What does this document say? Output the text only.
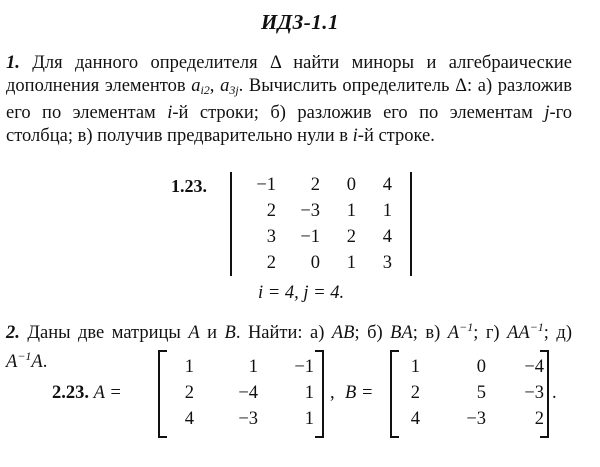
ИДЗ-1.1
1. Для данного определителя Δ найти миноры и алгебраические дополнения элементов $a_{i2}$, $a_{3j}$. Вычислить определитель Δ: а) разложив его по элементам i-й строки; б) разложив его по элементам j-го столбца; в) получив предварительно нули в i-й строке.
1.23.	−1	2	0	4
2	−3	1	1
3	−1	2	4
2	0	1	3
i = 4, j = 4.
2. Даны две матрицы A и B. Найти: а) AB; б) BA; в) $A^{-1}$; г) $AA^{-1}$; д) $A^{-1}A$.
2.23. A =
1	1	−1
2	−4	1
4	−3	1
, B =
1	0	−4
2	5	−3
4	−3	2
.
